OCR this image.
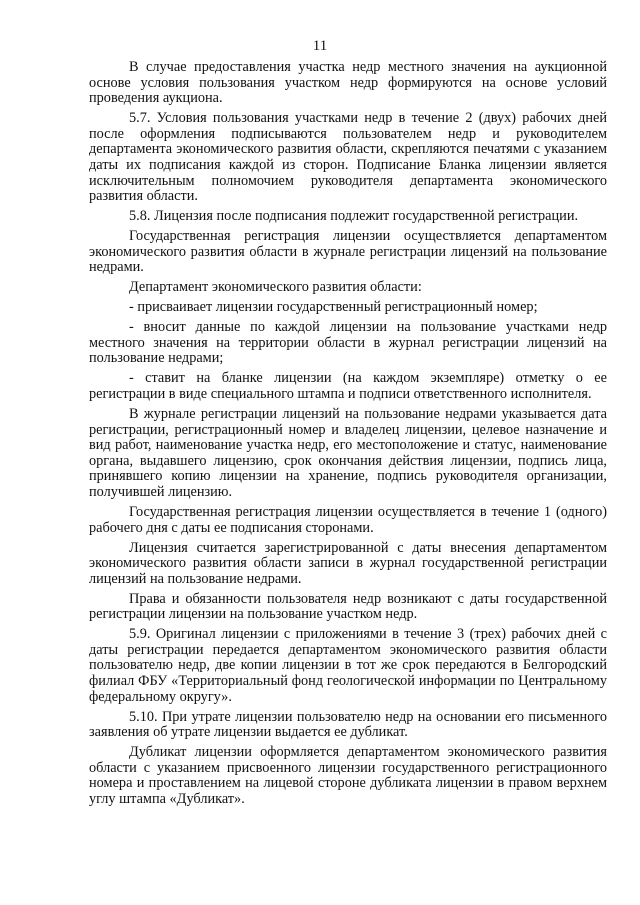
11

В случае предоставления участка недр местного значения на аукционной основе условия пользования участком недр формируются на основе условий проведения аукциона.

5.7. Условия пользования участками недр в течение 2 (двух) рабочих дней после оформления подписываются пользователем недр и руководителем департамента экономического развития области, скрепляются печатями с указанием даты их подписания каждой из сторон. Подписание Бланка лицензии является исключительным полномочием руководителя департамента экономического развития области.

5.8. Лицензия после подписания подлежит государственной регистрации.

Государственная регистрация лицензии осуществляется департаментом экономического развития области в журнале регистрации лицензий на пользование недрами.

Департамент экономического развития области:

- присваивает лицензии государственный регистрационный номер;

- вносит данные по каждой лицензии на пользование участками недр местного значения на территории области в журнал регистрации лицензий на пользование недрами;

- ставит на бланке лицензии (на каждом экземпляре) отметку о ее регистрации в виде специального штампа и подписи ответственного исполнителя.

В журнале регистрации лицензий на пользование недрами указывается дата регистрации, регистрационный номер и владелец лицензии, целевое назначение и вид работ, наименование участка недр, его местоположение и статус, наименование органа, выдавшего лицензию, срок окончания действия лицензии, подпись лица, принявшего копию лицензии на хранение, подпись руководителя организации, получившей лицензию.

Государственная регистрация лицензии осуществляется в течение 1 (одного) рабочего дня с даты ее подписания сторонами.

Лицензия считается зарегистрированной с даты внесения департаментом экономического развития области записи в журнал государственной регистрации лицензий на пользование недрами.

Права и обязанности пользователя недр возникают с даты государственной регистрации лицензии на пользование участком недр.

5.9. Оригинал лицензии с приложениями в течение 3 (трех) рабочих дней с даты регистрации передается департаментом экономического развития области пользователю недр, две копии лицензии в тот же срок передаются в Белгородский филиал ФБУ «Территориальный фонд геологической информации по Центральному федеральному округу».

5.10. При утрате лицензии пользователю недр на основании его письменного заявления об утрате лицензии выдается ее дубликат.

Дубликат лицензии оформляется департаментом экономического развития области с указанием присвоенного лицензии государственного регистрационного номера и проставлением на лицевой стороне дубликата лицензии в правом верхнем углу штампа «Дубликат».
